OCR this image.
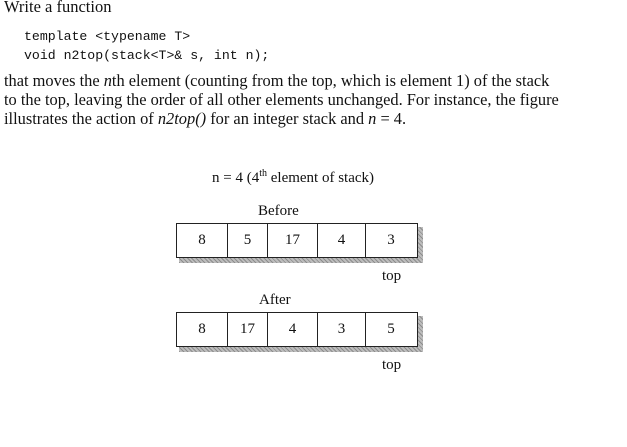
Write a function
template <typename T>
void n2top(stack<T>& s, int n);

that moves the nth element (counting from the top, which is element 1) of the stack

to the top, leaving the order of all other elements unchanged. For instance, the figure

illustrates the action of n2top() for an integer stack and n = 4.

n = 4 (4th element of stack)
Before
8	5	17	4	3
top
After
8	17	4	3	5
top
